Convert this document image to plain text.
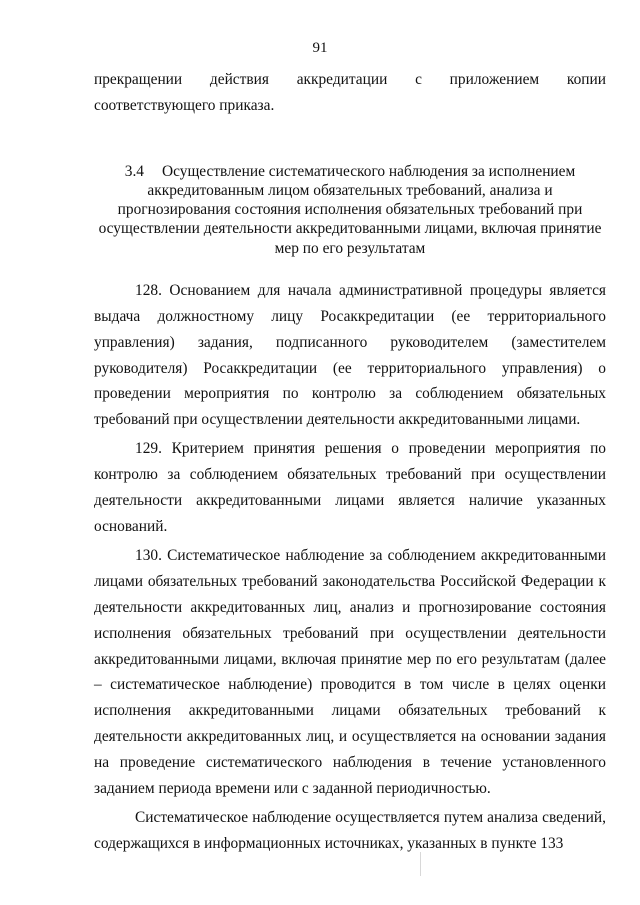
91

прекращении действия аккредитации с приложением копии соответствующего приказа.

3.4 Осуществление систематического наблюдения за исполнением аккредитованным лицом обязательных требований, анализа и прогнозирования состояния исполнения обязательных требований при осуществлении деятельности аккредитованными лицами, включая принятие мер по его результатам

128. Основанием для начала административной процедуры является выдача должностному лицу Росаккредитации (ее территориального управления) задания, подписанного руководителем (заместителем руководителя) Росаккредитации (ее территориального управления) о проведении мероприятия по контролю за соблюдением обязательных требований при осуществлении деятельности аккредитованными лицами.

129. Критерием принятия решения о проведении мероприятия по контролю за соблюдением обязательных требований при осуществлении деятельности аккредитованными лицами является наличие указанных оснований.

130. Систематическое наблюдение за соблюдением аккредитованными лицами обязательных требований законодательства Российской Федерации к деятельности аккредитованных лиц, анализ и прогнозирование состояния исполнения обязательных требований при осуществлении деятельности аккредитованными лицами, включая принятие мер по его результатам (далее – систематическое наблюдение) проводится в том числе в целях оценки исполнения аккредитованными лицами обязательных требований к деятельности аккредитованных лиц, и осуществляется на основании задания на проведение систематического наблюдения в течение установленного заданием периода времени или с заданной периодичностью.

Систематическое наблюдение осуществляется путем анализа сведений, содержащихся в информационных источниках, указанных в пункте 133
